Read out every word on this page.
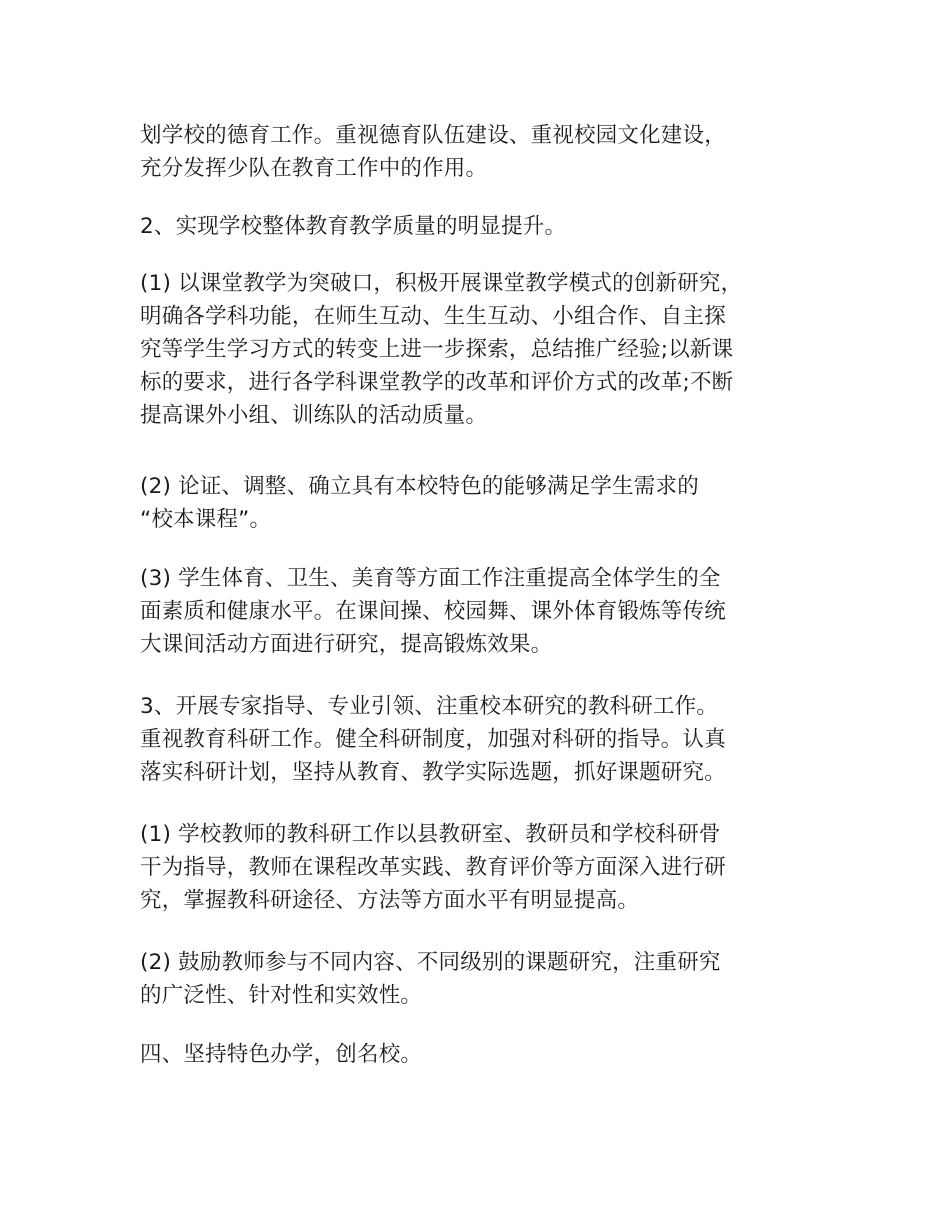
划学校的德育工作。重视德育队伍建设、重视校园文化建设，
充分发挥少队在教育工作中的作用。
2、实现学校整体教育教学质量的明显提升。
(1) 以课堂教学为突破口，积极开展课堂教学模式的创新研究，
明确各学科功能，在师生互动、生生互动、小组合作、自主探
究等学生学习方式的转变上进一步探索，总结推广经验;以新课
标的要求，进行各学科课堂教学的改革和评价方式的改革;不断
提高课外小组、训练队的活动质量。
(2) 论证、调整、确立具有本校特色的能够满足学生需求的
“校本课程”。
(3) 学生体育、卫生、美育等方面工作注重提高全体学生的全
面素质和健康水平。在课间操、校园舞、课外体育锻炼等传统
大课间活动方面进行研究，提高锻炼效果。
3、开展专家指导、专业引领、注重校本研究的教科研工作。
重视教育科研工作。健全科研制度，加强对科研的指导。认真
落实科研计划，坚持从教育、教学实际选题，抓好课题研究。
(1) 学校教师的教科研工作以县教研室、教研员和学校科研骨
干为指导，教师在课程改革实践、教育评价等方面深入进行研
究，掌握教科研途径、方法等方面水平有明显提高。
(2) 鼓励教师参与不同内容、不同级别的课题研究，注重研究
的广泛性、针对性和实效性。
四、坚持特色办学，创名校。
